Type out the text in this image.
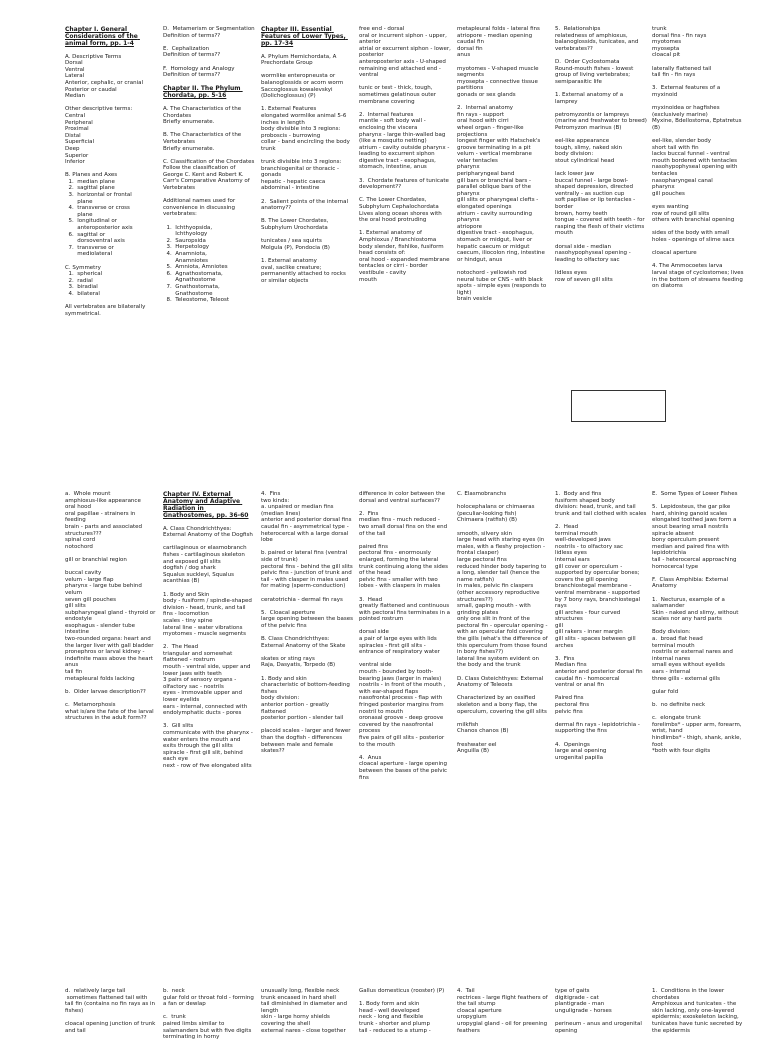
Chapter I. General Considerations of the animal form, pp. 1-4
A. Descriptive Terms
Dorsal
Ventral
Lateral
Anterior, cephalic, or cranial
Posterior or caudal
Median
Other descriptive terms:
Central
Peripheral
Proximal
Distal
Superficial
Deep
Superior
Inferior
B. Planes and Axes
1.  median plane
2.  sagittal plane
3.  horizontal or frontal
plane
4.  transverse or cross
plane
5.  longitudinal or
anteroposterior axis
6.  sagittal or
dorsoventral axis
7.  transverse or
mediolateral
C. Symmetry
1.  spherical
2.  radial
3.  biradial
4.  bilateral
All vertebrates are bilaterally symmetrical.
D.  Metamerism or Segmentation
Definition of terms??
E.  Cephalization
Definition of terms??
F.  Homology and Analogy
Definition of terms??
Chapter II. The Phylum Chordata, pp. 5-16
A. The Characteristics of the Chordates
Briefly enumerate.
B. The Characteristics of the Vertebrates
Briefly enumerate.
C. Classification of the Chordates
Follow the classification of George C. Kent and Robert K. Carr's Comparative Anatomy of Vertebrates
Additional names used for convenience in discussing vertebrates:
1.  Ichthyopsida,
Ichthyology
2.  Sauropsida
3.  Herpetology
4.  Anamniota,
Anamniotes
5.  Amniota, Amniotes
6.  Agnathostomata,
Agnathostome
7.  Gnathostomata,
Gnathostome
8.  Teleostome, Teleost
Chapter III. Essential Features of Lower Types, pp. 17-34
A. Phylum Hemichordata, A Prechordate Group
wormlike enteropneusta or balanoglossids or acorn worm Saccoglossus kowalevskyi (Dolichoglossus) (P)
1. External Features
elongated wormlike animal 5-6 inches in length
body divisible into 3 regions:
proboscis - burrowing
collar - band encircling the body
trunk
trunk divisible into 3 regions:
branchiogenital or thoracic - gonads
hepatic - hepatic caeca
abdominal - intestine
2.  Salient points of the internal anatomy??
B. The Lower Chordates, Subphylum Urochordata
tunicates / sea squirts
Molgula (P), Pondocia (B)
1. External anatomy
oval, saclike creature;
permanently attached to rocks or similar objects
free end - dorsal
oral or incurrent siphon - upper, anterior
atrial or excurrent siphon - lower, posterior
anteroposterior axis - U-shaped
remaining end attached end - ventral
tunic or test - thick, tough, sometimes gelatinous outer membrane covering
2.  Internal features
mantle - soft body wall - enclosing the viscera
pharynx - large thin-walled bag (like a mosquito netting)
atrium - cavity outside pharynx - leading to excurrent siphon
digestive tract - esophagus, stomach, intestine, anus
3.  Chordate features of tunicate development??
C. The Lower Chordates, Subphylum Cephalochordata
Lives along ocean shores with the oral hood protruding
1. External anatomy of Amphioxus / Branchiostoma
body slender, fishlike, fusiform
head consists of:
oral hood - expanded membrane
tentacles or cirri - border vestibule - cavity
mouth
metapleural folds - lateral fins
atriopore - median opening
caudal fin
dorsal fin
anus
myotomes - V-shaped muscle segments
myosepta - connective tissue partitions
gonads or sex glands
2.  Internal anatomy
fin rays - support
oral hood with cirri
wheel organ - finger-like projections
longest finger with Hatschek's groove terminating in a pit
velum - vertical membrane
velar tentacles
pharynx
peripharyngeal band
gill bars or branchial bars - parallel oblique bars of the pharynx
gill slits or pharyngeal clefts - elongated openings
atrium - cavity surrounding pharynx
atriopore
digestive tract - esophagus, stomach or midgut, liver or hepatic caecum or midgut caecum, iliocolon ring, intestine or hindgut, anus
notochord - yellowish rod
neural tube or CNS - with black spots - simple eyes (responds to light)
brain vesicle
5.  Relationships
relatedness of amphioxus, balanoglossids, tunicates, and vertebrates??
D.  Order Cyclostomata
Round-mouth fishes - lowest group of living vertebrates; semiparasitic life
1. External anatomy of a lamprey
petromyzontis or lampreys (marine and freshwater to breed)
Petromyzon marinus (B)
eel-like appearance
tough, slimy, naked skin
body division:
stout cylindrical head
lack lower jaw
buccal funnel - large bowl-shaped depression, directed ventrally - as suction cup
soft papillae or lip tentacles - border
brown, horny teeth
tongue - covered with teeth - for rasping the flesh of their victims
mouth
dorsal side - median nasohypophyseal opening - leading to olfactory sac
lidless eyes
row of seven gill slits
trunk
dorsal fins - fin rays
myotomes
myosepta
cloacal pit
laterally flattened tail
tail fin - fin rays
3.  External features of a myxinoid
myxinoidea or hagfishes (exclusively marine)
Myxine, Bdellostoma, Eptatretus (B)
eel-like, slender body
short tail with fin
lacks buccal funnel - ventral mouth bordered with tentacles
nasohypophyseal opening with tentacles
nasopharyngeal canal
pharynx
gill pouches
eyes wanting
row of round gill slits
others with branchial opening
sides of the body with small holes - openings of slime sacs
cloacal aperture
4. The Ammocoetes larva
larval stage of cyclostomes; lives in the bottom of streams feeding on diatoms
a.  Whole mount
amphioxus-like appearance
oral hood
oral papillae - strainers in feeding
brain - parts and associated structures???
spinal cord
notochord
gill or branchial region
buccal cavity
velum - large flap
pharynx - large tube behind velum
seven gill pouches
gill slits
subpharyngeal gland - thyroid or endostyle
esophagus - slender tube
intestine
two-rounded organs: heart and the larger liver with gall bladder
pronephros or larval kidney - indefinite mass above the heart
anus
tail fin
metapleural folds lacking
b.  Older larvae description??
c.  Metamorphosis
what is/are the fate of the larval structures in the adult form??
Chapter IV. External Anatomy and Adaptive Radiation in Gnathostomes, pp. 36-60
A. Class Chondrichthyes: External Anatomy of the Dogfish
cartilaginous or elasmobranch fishes - cartilaginous skeleton and exposed gill slits
dogfish / dog shark
Squalus suckleyi, Squalus acanthias (B)
1. Body and Skin
body - fusiform / spindle-shaped
division - head, trunk, and tail
fins - locomotion
scales - tiny spine
lateral line - water vibrations
myotomes - muscle segments
2.  The Head
triangular and somewhat flattened - rostrum
mouth - ventral side, upper and lower jaws with teeth
3 pairs of sensory organs - olfactory sac - nostrils
eyes - immovable upper and lower eyelids
ears - internal, connected with endolymphatic ducts - pores
3.  Gill slits
communicate with the pharynx - water enters the mouth and exits through the gill slits
spiracle - first gill slit, behind each eye
next - row of five elongated slits
4.  Fins
two kinds:
a. unpaired or median fins (median lines)
anterior and posterior dorsal fins
caudal fin - asymmetrical type - heterocercal with a large dorsal lobe
b. paired or lateral fins (ventral side of trunk)
pectoral fins - behind the gill slits
pelvic fins - junction of trunk and tail - with clasper in males used for mating (sperm-conduction)
ceratotrichia - dermal fin rays
5.  Cloacal aperture
large opening between the bases of the pelvic fins
B. Class Chondrichthyes: External Anatomy of the Skate
skates or sting rays
Raja, Dasyatis, Torpedo (B)
1. Body and skin
characteristic of bottom-feeding fishes
body division:
anterior portion - greatly flattened
posterior portion - slender tail
placoid scales - larger and fewer than the dogfish - differences between male and female skates??
difference in color between the dorsal and ventral surfaces??
2.  Fins
median fins - much reduced - two small dorsal fins on the end of the tail
paired fins
pectoral fins - enormously enlarged, forming the lateral trunk continuing along the sides of the head
pelvic fins - smaller with two lobes - with claspers in males
3.  Head
greatly flattened and continuous with pectoral fins terminates in a pointed rostrum
dorsal side
a pair of large eyes with lids
spiracles - first gill slits - entrance of respiratory water
ventral side
mouth - bounded by tooth-bearing jaws (larger in males)
nostrils - in front of the mouth , with ear-shaped flaps
nasofrontal process - flap with fringed posterior margins from nostril to mouth
oronasal groove - deep groove covered by the nasofrontal process
five pairs of gill slits - posterior to the mouth
4.  Anus
cloacal aperture - large opening between the bases of the pelvic fins
C. Elasmobranchs
holocephalans or chimaeras (peculiar-looking fish)
Chimaera (ratfish) (B)
smooth, silvery skin
large head with staring eyes (in males, with a fleshy projection - frontal clasper)
large pectoral fins
reduced hinder body tapering to a long, slender tail (hence the name ratfish)
in males, pelvic fin claspers (other accessory reproductive structures??)
small, gaping mouth - with grinding plates
only one slit in front of the pectoral fin - opercular opening - with an opercular fold covering the gills (what's the difference of this operculum from those found in bony fishes??)
lateral line system evident on the body and the trunk
D. Class Osteichthyes: External Anatomy of Teleosts
Characterized by an ossified skeleton and a bony flap, the operculum, covering the gill slits
milkfish
Chanos chanos (B)
freshwater eel
Anguilla (B)
1.  Body and fins
fusiform shaped body
division: head, trunk, and tail
trunk and tail clothed with scales
2.  Head
terminal mouth
well-developed jaws
nostrils - to olfactory sac
lidless eyes
internal ears
gill cover or operculum - supported by opercular bones; covers the gill opening
branchiostegal membrane - ventral membrane - supported by 7 bony rays, branchiostegal rays
gill arches - four curved structures
gill
gill rakers - inner margin
gill slits - spaces between gill arches
3.  Fins
Median fins
anterior and posterior dorsal fin
caudal fin - homocercal
ventral or anal fin
Paired fins
pectoral fins
pelvic fins
dermal fin rays - lepidotrichia - supporting the fins
4.  Openings
large anal opening
urogenital papilla
E.  Some Types of Lower Fishes
5.  Lepidosteus, the gar pike
hard, shining ganoid scales
elongated toothed jaws form a snout bearing small nostrils
spiracle absent
bony operculum present
median and paired fins with lepidotrichia
tail - heterocercal approaching homocercal type
F.  Class Amphibia: External Anatomy
1.  Necturus, example of a salamander
Skin - naked and slimy, without scales nor any hard parts
Body division:
a.  broad flat head
terminal mouth
nostrils or external nares and internal nares
small eyes without eyelids
ears - internal
three gills - external gills
gular fold
b.  no definite neck
c.  elongate trunk
forelimbs* - upper arm, forearm, wrist, hand
hindlimbs* - thigh, shank, ankle, foot
*both with four digits
d.  relatively large tail
sometimes flattened tail with tail fin (contains no fin rays as in fishes)
cloacal opening junction of trunk and tail
b.  neck
gular fold or throat fold - forming a fan or dewlap
c.  trunk
paired limbs similar to salamanders but with five digits terminating in horny
unusually long, flexible neck
trunk encased in hard shell
tail diminished in diameter and length
skin - large horny shields covering the shell
external nares - close together
Gallus domesticus (rooster) (P)
1. Body form and skin
head - well developed
neck - long and flexible
trunk - shorter and plump
tail - reduced to a stump -
4.  Tail
rectrices - large flight feathers of the tail stump
cloacal aperture
uropygium
uropygial gland - oil for preening feathers
type of gaits
digitigrade - cat
plantigrade - man
unguligrade - horses
perineum - anus and urogenital opening
1.  Conditions in the lower chordates
Amphioxus and tunicates - the skin lacking, only one-layered epidermis; exoskeleton lacking, tunicates have tunic secreted by the epidermis
